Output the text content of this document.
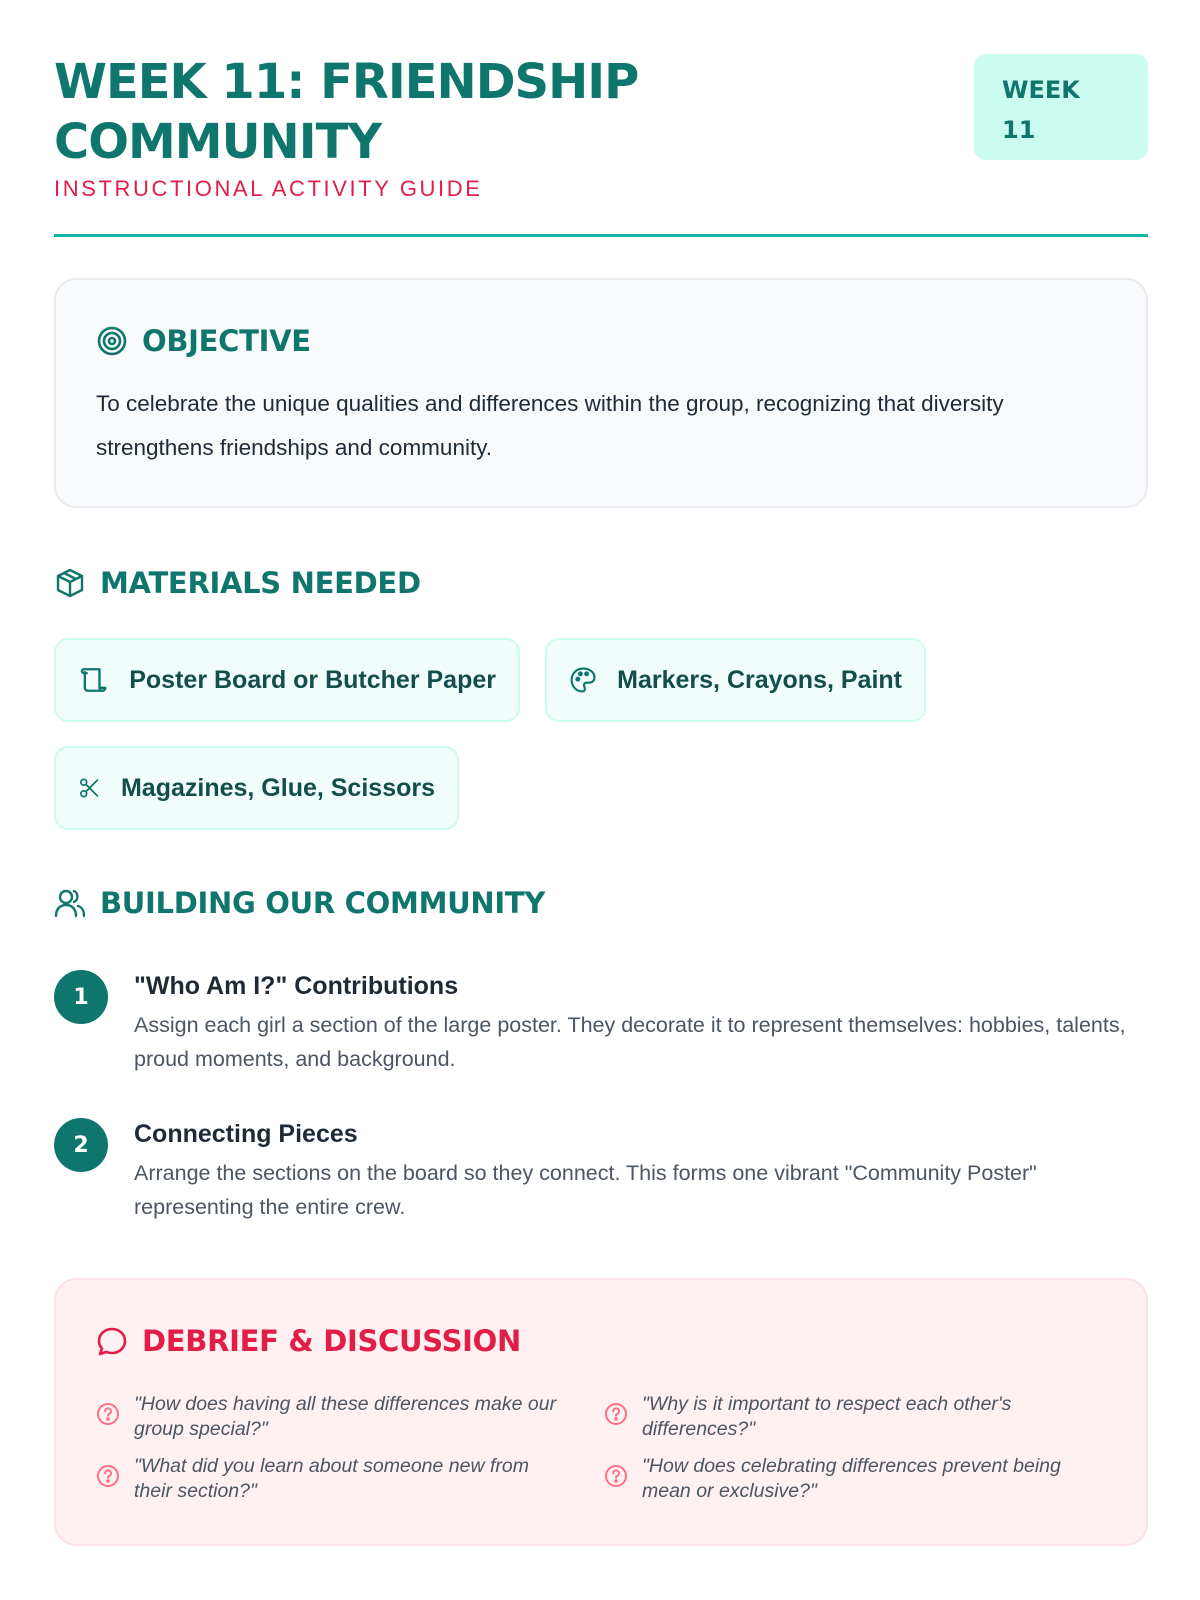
WEEK 11: FRIENDSHIP COMMUNITY
INSTRUCTIONAL ACTIVITY GUIDE
WEEK
11
OBJECTIVE

To celebrate the unique qualities and differences within the group, recognizing that diversity strengthens friendships and community.

MATERIALS NEEDED
Poster Board or Butcher Paper	Markers, Crayons, Paint
Magazines, Glue, Scissors
BUILDING OUR COMMUNITY
1	"Who Am I?" Contributions
Assign each girl a section of the large poster. They decorate it to represent themselves: hobbies, talents, proud moments, and background.
2	Connecting Pieces
Arrange the sections on the board so they connect. This forms one vibrant "Community Poster" representing the entire crew.
DEBRIEF & DISCUSSION
"How does having all these differences make our group special?"
"Why is it important to respect each other's differences?"
"What did you learn about someone new from their section?"
"How does celebrating differences prevent being mean or exclusive?"
